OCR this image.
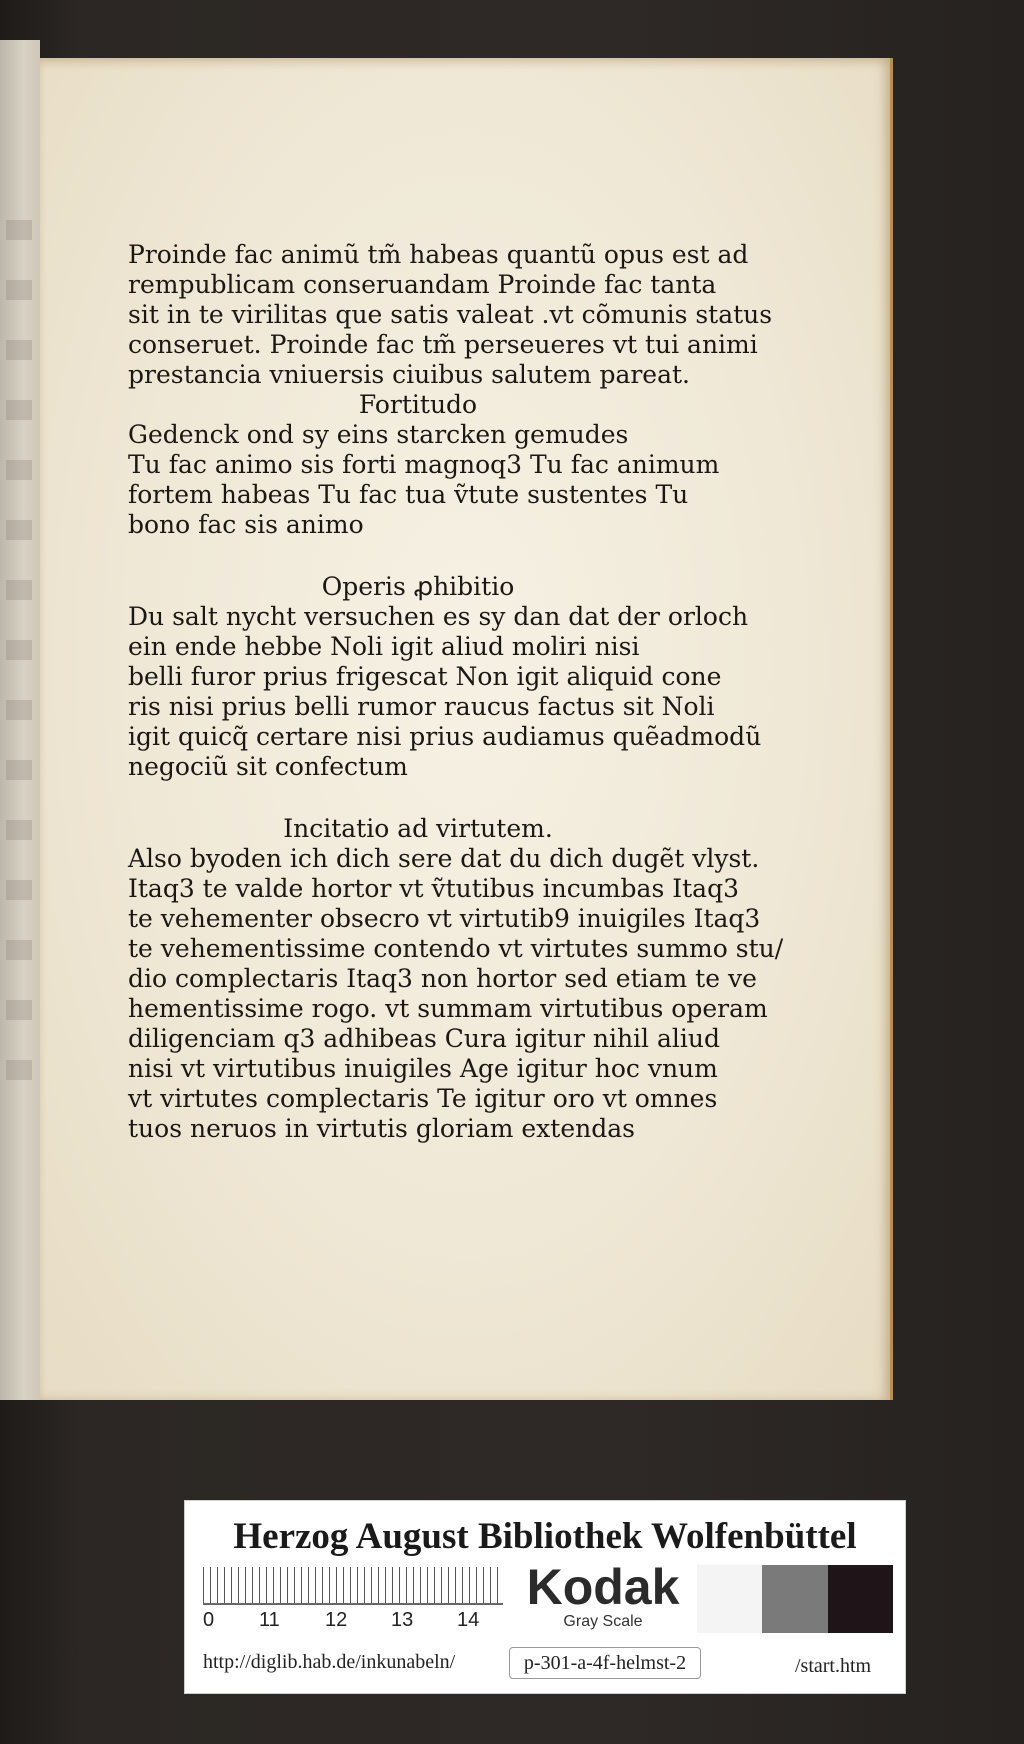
Proinde fac animũ tm̃ habeas quantũ opus est ad
rempublicam conseruandam Proinde fac tanta
sit in te virilitas que satis valeat .vt cõmunis status
conseruet. Proinde fac tm̃ perseueres vt tui animi
prestancia vniuersis ciuibus salutem pareat.
Fortitudo
Gedenck ond sy eins starcken gemudes
Tu fac animo sis forti magnoq3 Tu fac animum
fortem habeas Tu fac tua ṽtute sustentes Tu
bono fac sis animo
Operis ꝓhibitio
Du salt nycht versuchen es sy dan dat der orloch
ein ende hebbe Noli igit aliud moliri nisi
belli furor prius frigescat Non igit aliquid cone
ris nisi prius belli rumor raucus factus sit Noli
igit quicq̃ certare nisi prius audiamus quẽadmodũ
negociũ sit confectum
Incitatio ad virtutem.
Also byoden ich dich sere dat du dich dugẽt vlyst.
Itaq3 te valde hortor vt ṽtutibus incumbas Itaq3
te vehementer obsecro vt virtutib9 inuigiles Itaq3
te vehementissime contendo vt virtutes summo stu/
dio complectaris Itaq3 non hortor sed etiam te ve
hementissime rogo. vt summam virtutibus operam
diligenciam q3 adhibeas Cura igitur nihil aliud
nisi vt virtutibus inuigiles Age igitur hoc vnum
vt virtutes complectaris Te igitur oro vt omnes
tuos neruos in virtutis gloriam extendas
Herzog August Bibliothek Wolfenbüttel
0 11 12 13 14
Kodak
Gray Scale
http://diglib.hab.de/inkunabeln/	p-301-a-4f-helmst-2	/start.htm
